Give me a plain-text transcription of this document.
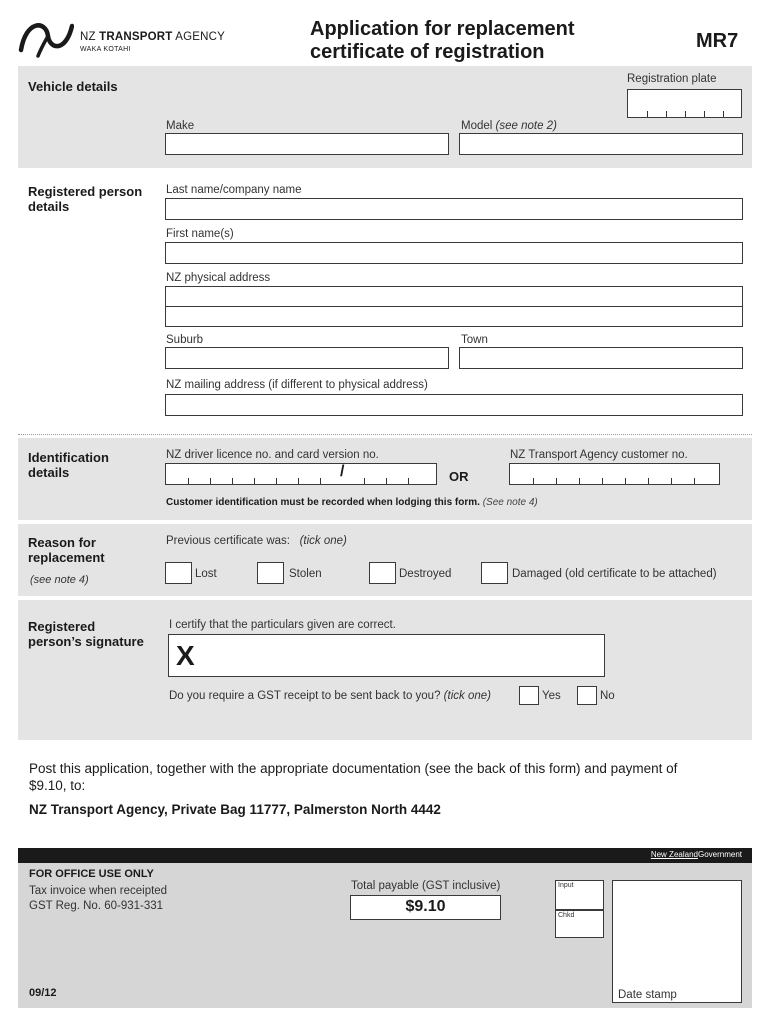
NZ TRANSPORT AGENCY
WAKA KOTAHI
Application for replacement
certificate of registration	MR7
Vehicle details	Registration plate
Make	Model (see note 2)
Registered person
details
Last name/company name
First name(s)
NZ physical address
Suburb	Town
NZ mailing address (if different to physical address)
Identification
details
NZ driver licence no. and card version no.
/	OR
NZ Transport Agency customer no.
Customer identification must be recorded when lodging this form. (See note 4)
Reason for
replacement
(see note 4)
Previous certificate was: (tick one)
Lost	Stolen	Destroyed	Damaged (old certificate to be attached)
Registered
person’s signature
I certify that the particulars given are correct.
X
Do you require a GST receipt to be sent back to you? (tick one)	Yes	No
Post this application, together with the appropriate documentation (see the back of this form) and payment of
$9.10, to:
NZ Transport Agency, Private Bag 11777, Palmerston North 4442
New ZealandGovernment
FOR OFFICE USE ONLY
Tax invoice when receipted
GST Reg. No. 60-931-331
Total payable (GST inclusive)
$9.10
Input
Chkd
Date stamp
09/12
